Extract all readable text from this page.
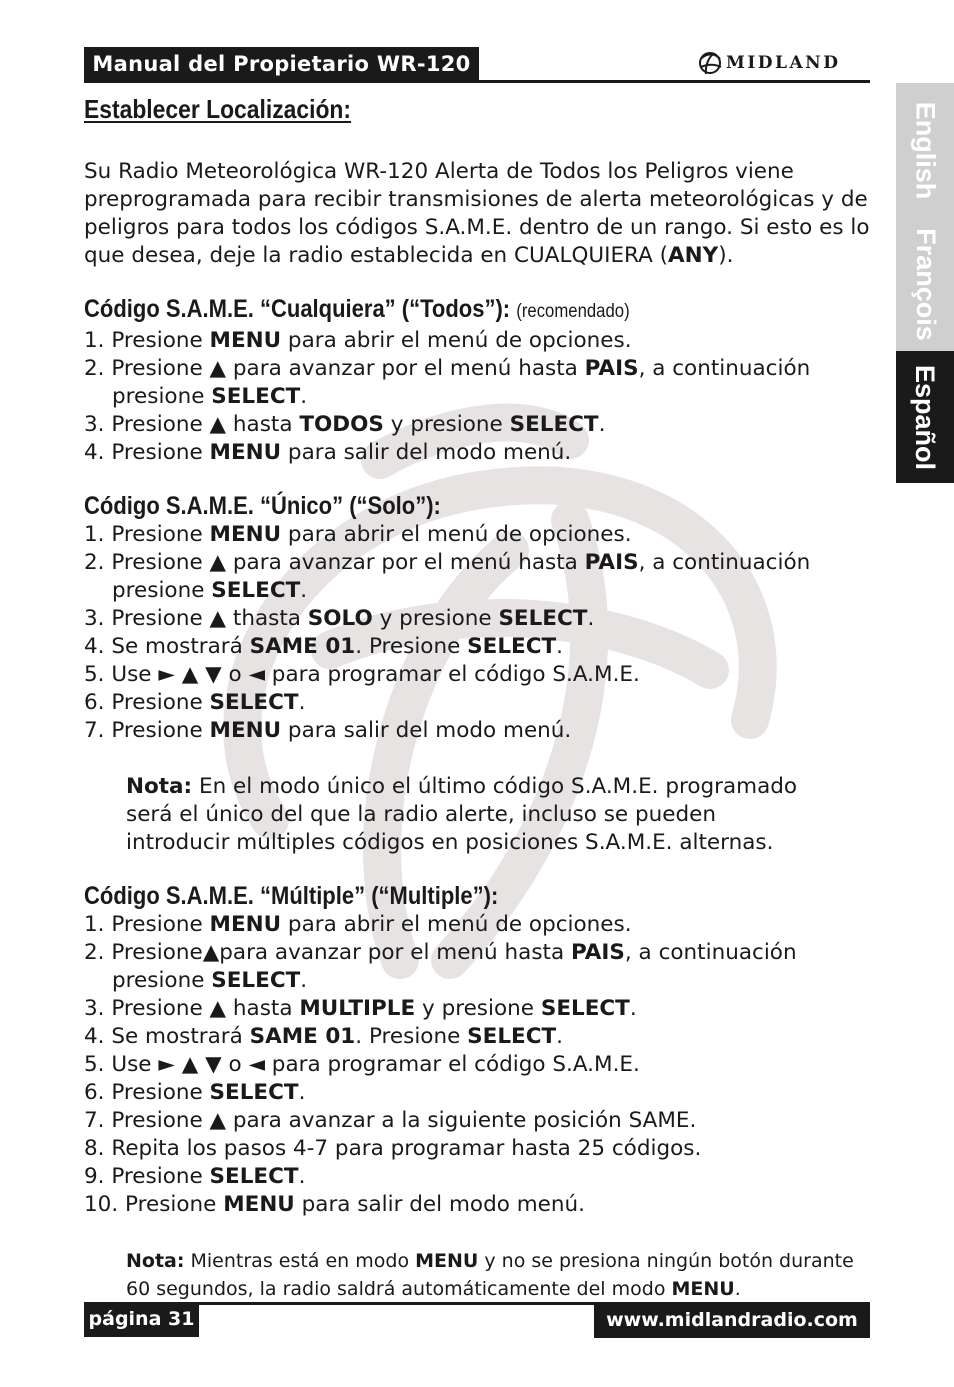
Manual del Propietario WR-120	MIDLAND
English
François
Español
Establecer Localización:

Su Radio Meteorológica WR-120 Alerta de Todos los Peligros viene preprogramada para recibir transmisiones de alerta meteorológicas y de peligros para todos los códigos S.A.M.E. dentro de un rango. Si esto es lo que desea, deje la radio establecida en CUALQUIERA (ANY).

Código S.A.M.E. “Cualquiera” (“Todos”): (recomendado)
1. Presione MENU para abrir el menú de opciones.
2. Presione ▲ para avanzar por el menú hasta PAIS, a continuación presione SELECT.
3. Presione ▲ hasta TODOS y presione SELECT.
4. Presione MENU para salir del modo menú.
Código S.A.M.E. “Único” (“Solo”):
1. Presione MENU para abrir el menú de opciones.
2. Presione ▲ para avanzar por el menú hasta PAIS, a continuación presione SELECT.
3. Presione ▲ thasta SOLO y presione SELECT.
4. Se mostrará SAME 01. Presione SELECT.
5. Use ► ▲ ▼ o ◄ para programar el código S.A.M.E.
6. Presione SELECT.
7. Presione MENU para salir del modo menú.
Nota: En el modo único el último código S.A.M.E. programado será el único del que la radio alerte, incluso se pueden introducir múltiples códigos en posiciones S.A.M.E. alternas.
Código S.A.M.E. “Múltiple” (“Multiple”):
1. Presione MENU para abrir el menú de opciones.
2. Presione▲para avanzar por el menú hasta PAIS, a continuación presione SELECT.
3. Presione ▲ hasta MULTIPLE y presione SELECT.
4. Se mostrará SAME 01. Presione SELECT.
5. Use ► ▲ ▼ o ◄ para programar el código S.A.M.E.
6. Presione SELECT.
7. Presione ▲ para avanzar a la siguiente posición SAME.
8. Repita los pasos 4-7 para programar hasta 25 códigos.
9. Presione SELECT.
10. Presione MENU para salir del modo menú.
Nota: Mientras está en modo MENU y no se presiona ningún botón durante 60 segundos, la radio saldrá automáticamente del modo MENU.
página 31	www.midlandradio.com
